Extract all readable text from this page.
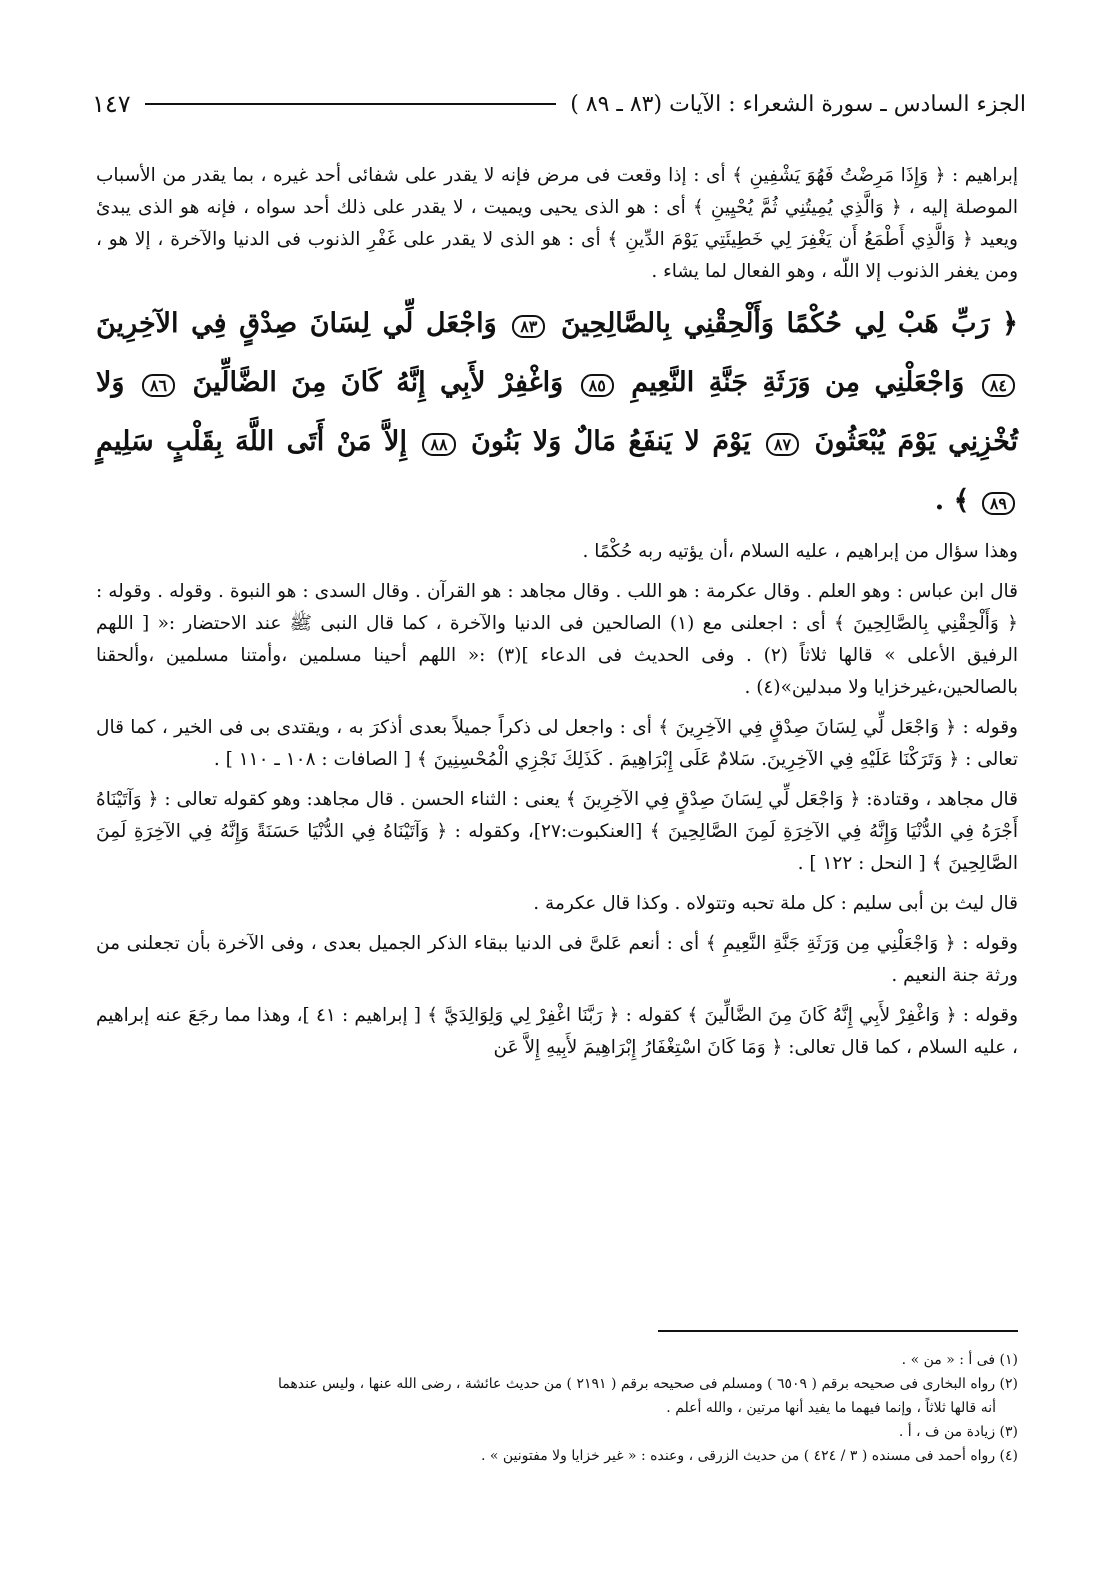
الجزء السادس ـ سورة الشعراء : الآيات (٨٣ ـ ٨٩ )
١٤٧

إبراهيم : ﴿ وَإِذَا مَرِضْتُ فَهُوَ يَشْفِينِ ﴾ أى : إذا وقعت فى مرض فإنه لا يقدر على شفائى أحد غيره ، بما يقدر من الأسباب الموصلة إليه ، ﴿ وَالَّذِي يُمِيتُنِي ثُمَّ يُحْيِينِ ﴾ أى : هو الذى يحيى ويميت ، لا يقدر على ذلك أحد سواه ، فإنه هو الذى يبدئ ويعيد ﴿ وَالَّذِي أَطْمَعُ أَن يَغْفِرَ لِي خَطِيئَتِي يَوْمَ الدِّينِ ﴾ أى : هو الذى لا يقدر على غَفْرِ الذنوب فى الدنيا والآخرة ، إلا هو ، ومن يغفر الذنوب إلا اللّه ، وهو الفعال لما يشاء .

﴿ رَبِّ هَبْ لِي حُكْمًا وَأَلْحِقْنِي بِالصَّالِحِينَ ٨٣ وَاجْعَل لِّي لِسَانَ صِدْقٍ فِي الآخِرِينَ ٨٤ وَاجْعَلْنِي مِن وَرَثَةِ جَنَّةِ النَّعِيمِ ٨٥ وَاغْفِرْ لأَبِي إِنَّهُ كَانَ مِنَ الضَّالِّينَ ٨٦ وَلا تُخْزِنِي يَوْمَ يُبْعَثُونَ ٨٧ يَوْمَ لا يَنفَعُ مَالٌ وَلا بَنُونَ ٨٨ إِلاَّ مَنْ أَتَى اللَّهَ بِقَلْبٍ سَلِيمٍ ٨٩ ﴾ .

وهذا سؤال من إبراهيم ، عليه السلام ،أن يؤتيه ربه حُكْمًا .

قال ابن عباس : وهو العلم . وقال عكرمة : هو اللب . وقال مجاهد : هو القرآن . وقال السدى : هو النبوة . وقوله . وقوله : ﴿ وَأَلْحِقْنِي بِالصَّالِحِينَ ﴾ أى : اجعلنى مع (١) الصالحين فى الدنيا والآخرة ، كما قال النبى ﷺ عند الاحتضار :« [ اللهم الرفيق الأعلى » قالها ثلاثاً (٢) . وفى الحديث فى الدعاء ](٣) :« اللهم أحينا مسلمين ،وأمتنا مسلمين ،وألحقنا بالصالحين،غيرخزايا ولا مبدلين»(٤) .

وقوله : ﴿ وَاجْعَل لِّي لِسَانَ صِدْقٍ فِي الآخِرِينَ ﴾ أى : واجعل لى ذكراً جميلاً بعدى أذكرَ به ، ويقتدى بى فى الخير ، كما قال تعالى : ﴿ وَتَرَكْنَا عَلَيْهِ فِي الآخِرِينَ. سَلامٌ عَلَى إِبْرَاهِيمَ . كَذَلِكَ نَجْزِي الْمُحْسِنِينَ ﴾ [ الصافات : ١٠٨ ـ ١١٠ ] .

قال مجاهد ، وقتادة: ﴿ وَاجْعَل لِّي لِسَانَ صِدْقٍ فِي الآخِرِينَ ﴾ يعنى : الثناء الحسن . قال مجاهد: وهو كقوله تعالى : ﴿ وَآتَيْنَاهُ أَجْرَهُ فِي الدُّنْيَا وَإِنَّهُ فِي الآخِرَةِ لَمِنَ الصَّالِحِينَ ﴾ [العنكبوت:٢٧]، وكقوله : ﴿ وَآتَيْنَاهُ فِي الدُّنْيَا حَسَنَةً وَإِنَّهُ فِي الآخِرَةِ لَمِنَ الصَّالِحِينَ ﴾ [ النحل : ١٢٢ ] .

قال ليث بن أبى سليم : كل ملة تحبه وتتولاه . وكذا قال عكرمة .

وقوله : ﴿ وَاجْعَلْنِي مِن وَرَثَةِ جَنَّةِ النَّعِيمِ ﴾ أى : أنعم عَلىَّ فى الدنيا ببقاء الذكر الجميل بعدى ، وفى الآخرة بأن تجعلنى من ورثة جنة النعيم .

وقوله : ﴿ وَاغْفِرْ لأَبِي إِنَّهُ كَانَ مِنَ الضَّالِّينَ ﴾ كقوله : ﴿ رَبَّنَا اغْفِرْ لِي وَلِوَالِدَيَّ ﴾ [ إبراهيم : ٤١ ]، وهذا مما رجَعَ عنه إبراهيم ، عليه السلام ، كما قال تعالى: ﴿ وَمَا كَانَ اسْتِغْفَارُ إِبْرَاهِيمَ لأَبِيهِ إِلاَّ عَن

(١) فى أ : « من » .

(٢) رواه البخارى فى صحيحه برقم ( ٦٥٠٩ ) ومسلم فى صحيحه برقم ( ٢١٩١ ) من حديث عائشة ، رضى الله عنها ، وليس عندهما

أنه قالها ثلاثاً ، وإنما فيهما ما يفيد أنها مرتين ، والله أعلم .

(٣) زيادة من ف ، أ .

(٤) رواه أحمد فى مسنده ( ٣ / ٤٢٤ ) من حديث الزرقى ، وعنده : « غير خزايا ولا مفتونين » .
